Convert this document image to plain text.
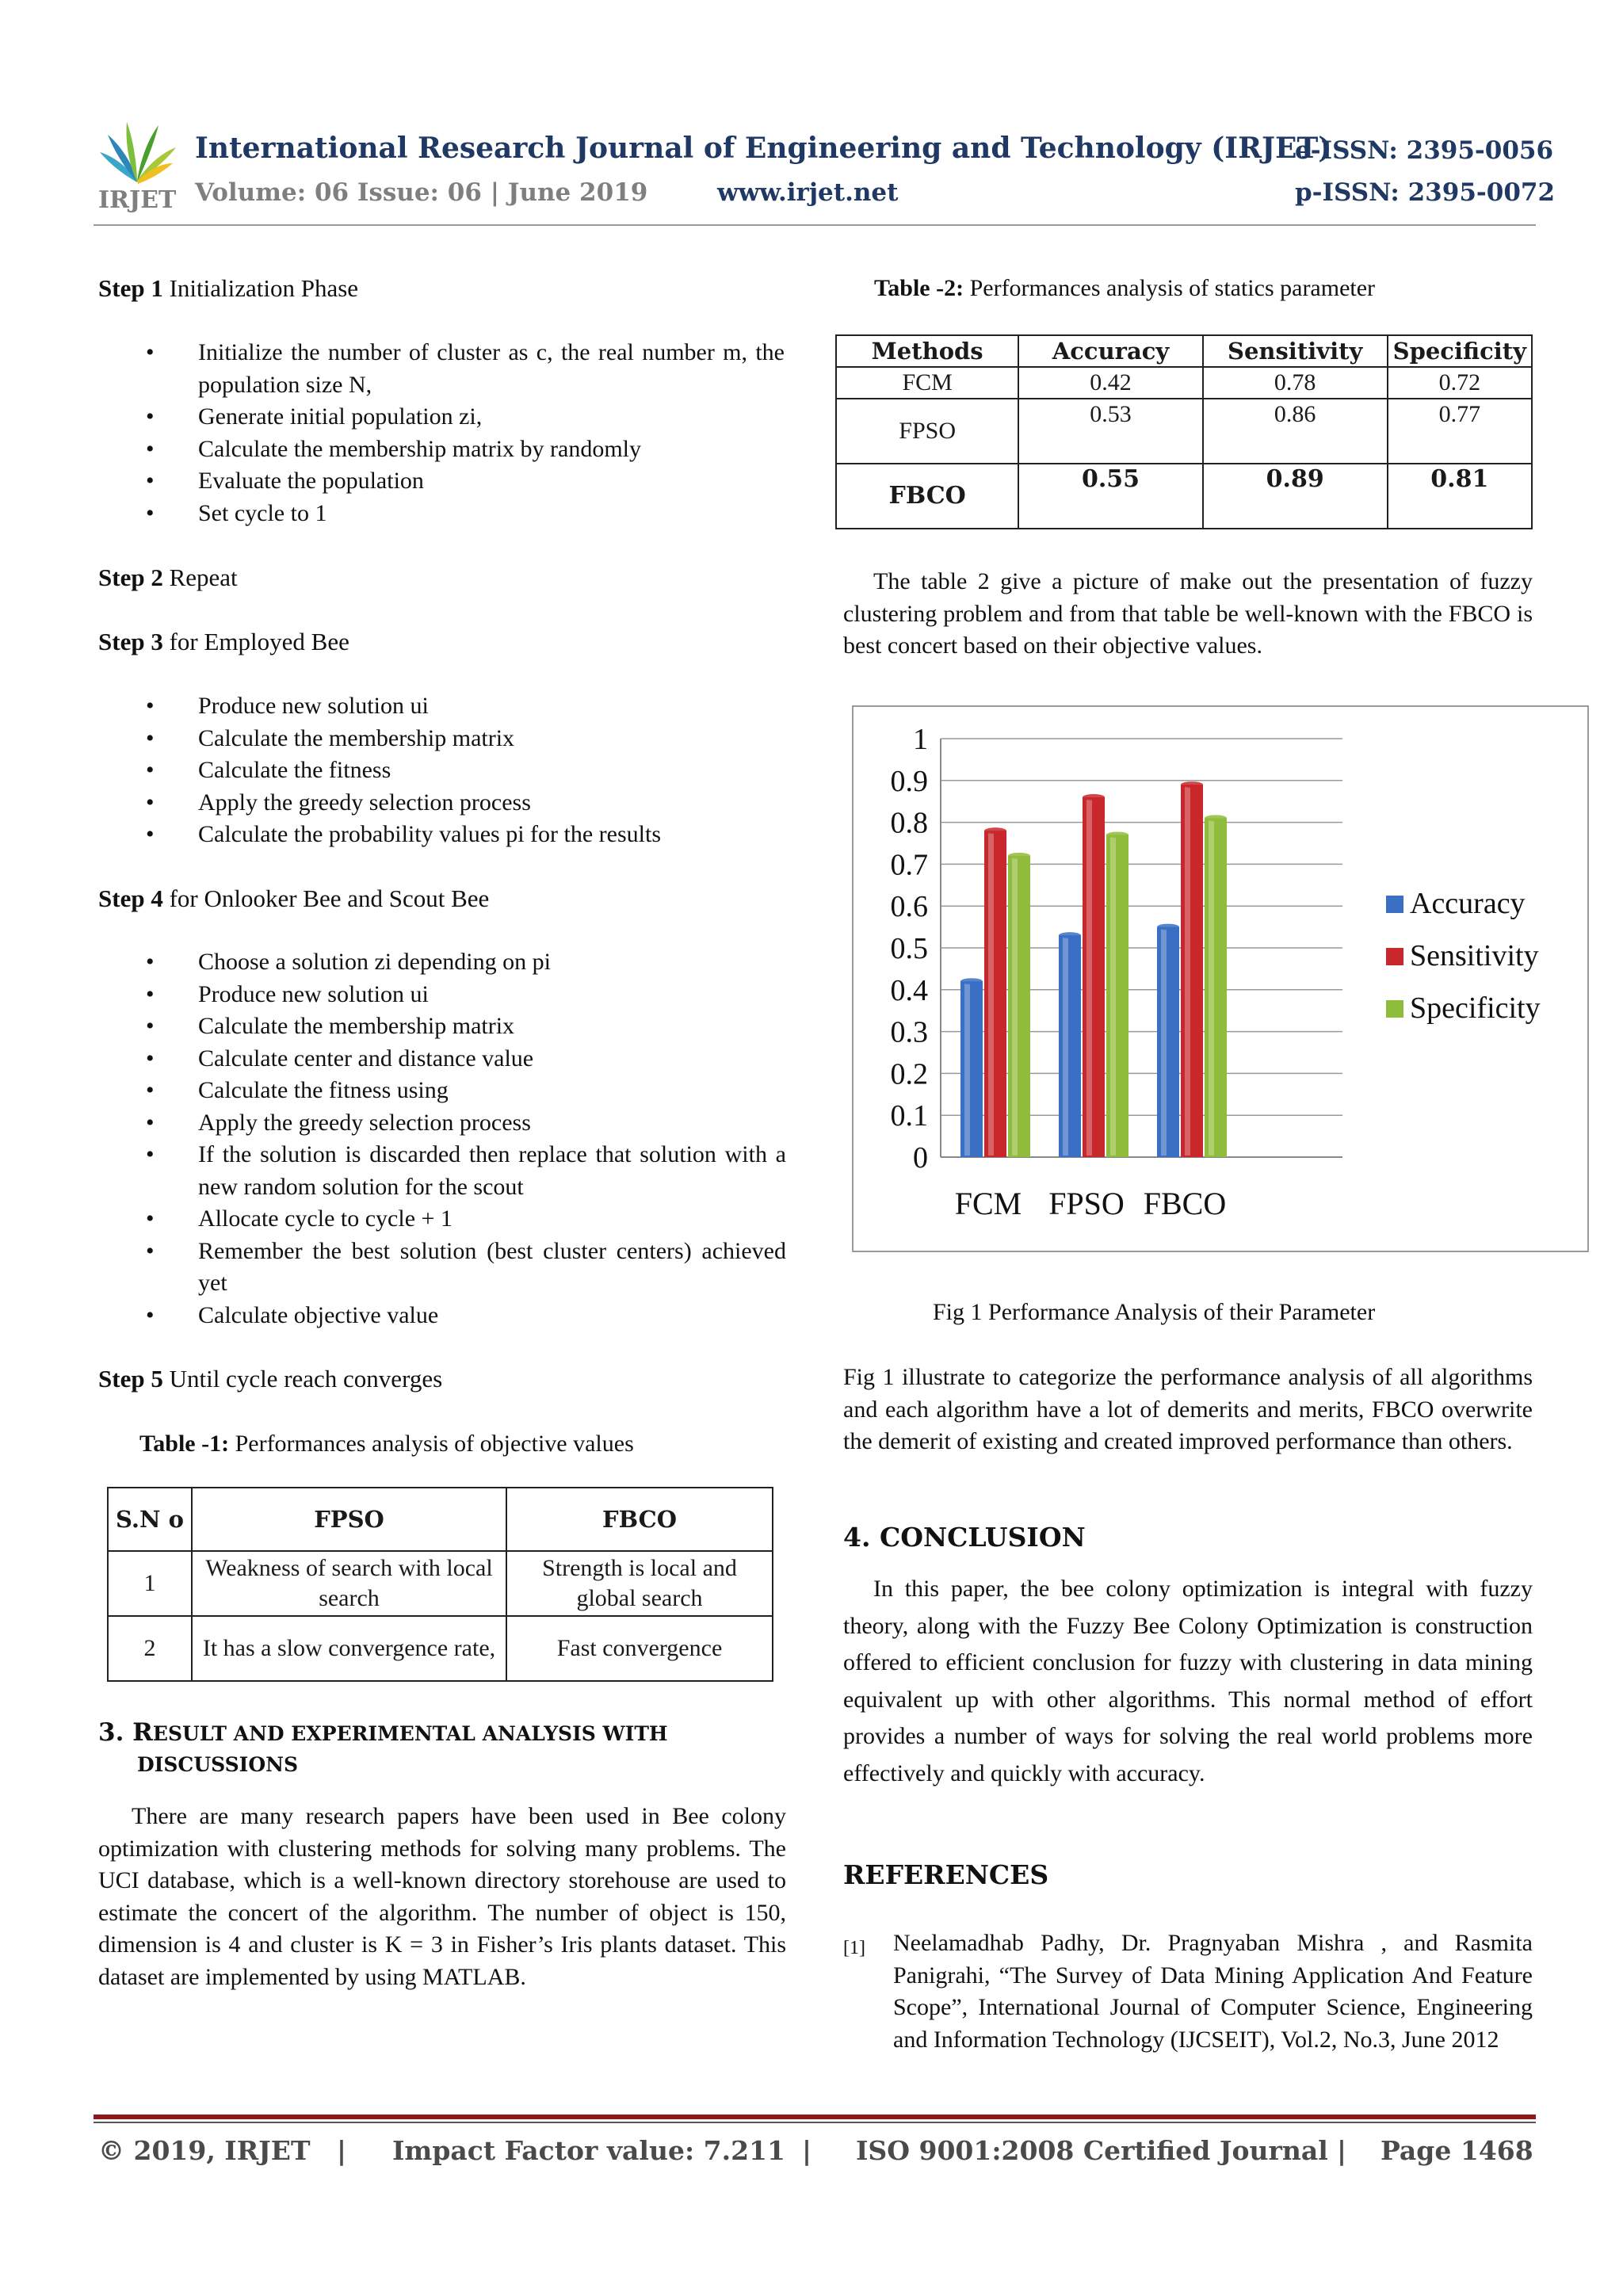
IRJET
International Research Journal of Engineering and Technology (IRJET)
e-ISSN: 2395-0056
Volume: 06 Issue: 06 | June 2019	www.irjet.net	p-ISSN: 2395-0072
Step 1 Initialization Phase
• Initialize the number of cluster as c, the real number m, the population size N,
• Generate initial population zi,
• Calculate the membership matrix by randomly
• Evaluate the population
• Set cycle to 1
Step 2 Repeat
Step 3 for Employed Bee
• Produce new solution ui
• Calculate the membership matrix
• Calculate the fitness
• Apply the greedy selection process
• Calculate the probability values pi for the results
Step 4 for Onlooker Bee and Scout Bee
• Choose a solution zi depending on pi
• Produce new solution ui
• Calculate the membership matrix
• Calculate center and distance value
• Calculate the fitness using
• Apply the greedy selection process
• If the solution is discarded then replace that solution with a new random solution for the scout
• Allocate cycle to cycle + 1
• Remember the best solution (best cluster centers) achieved yet
• Calculate objective value
Step 5 Until cycle reach converges
Table -1: Performances analysis of objective values
S.N o	FPSO	FBCO
1	Weakness of search with local search	Strength is local and global search
2	It has a slow convergence rate,	Fast convergence
3. RESULT AND EXPERIMENTAL ANALYSIS WITH
DISCUSSIONS
There are many research papers have been used in Bee colony optimization with clustering methods for solving many problems. The UCI database, which is a well-known directory storehouse are used to estimate the concert of the algorithm. The number of object is 150, dimension is 4 and cluster is K = 3 in Fisher’s Iris plants dataset. This dataset are implemented by using MATLAB.
Table -2: Performances analysis of statics parameter
Methods	Accuracy	Sensitivity	Specificity
FCM	0.42	0.78	0.72
FPSO	0.53	0.86	0.77
FBCO	0.55	0.89	0.81
The table 2 give a picture of make out the presentation of fuzzy clustering problem and from that table be well-known with the FBCO is best concert based on their objective values.
0
0.1
0.2
0.3
0.4
0.5
0.6
0.7
0.8
0.9
1
FCM FPSO FBCO
Accuracy
Sensitivity
Specificity
Fig 1 Performance Analysis of their Parameter
Fig 1 illustrate to categorize the performance analysis of all algorithms and each algorithm have a lot of demerits and merits, FBCO overwrite the demerit of existing and created improved performance than others.
4. CONCLUSION
In this paper, the bee colony optimization is integral with fuzzy theory, along with the Fuzzy Bee Colony Optimization is construction offered to efficient conclusion for fuzzy with clustering in data mining equivalent up with other algorithms. This normal method of effort provides a number of ways for solving the real world problems more effectively and quickly with accuracy.
REFERENCES
[1] Neelamadhab Padhy, Dr. Pragnyaban Mishra , and Rasmita Panigrahi, “The Survey of Data Mining Application And Feature Scope”, International Journal of Computer Science, Engineering and Information Technology (IJCSEIT), Vol.2, No.3, June 2012
© 2019, IRJET | Impact Factor value: 7.211 | ISO 9001:2008 Certified Journal | Page 1468
